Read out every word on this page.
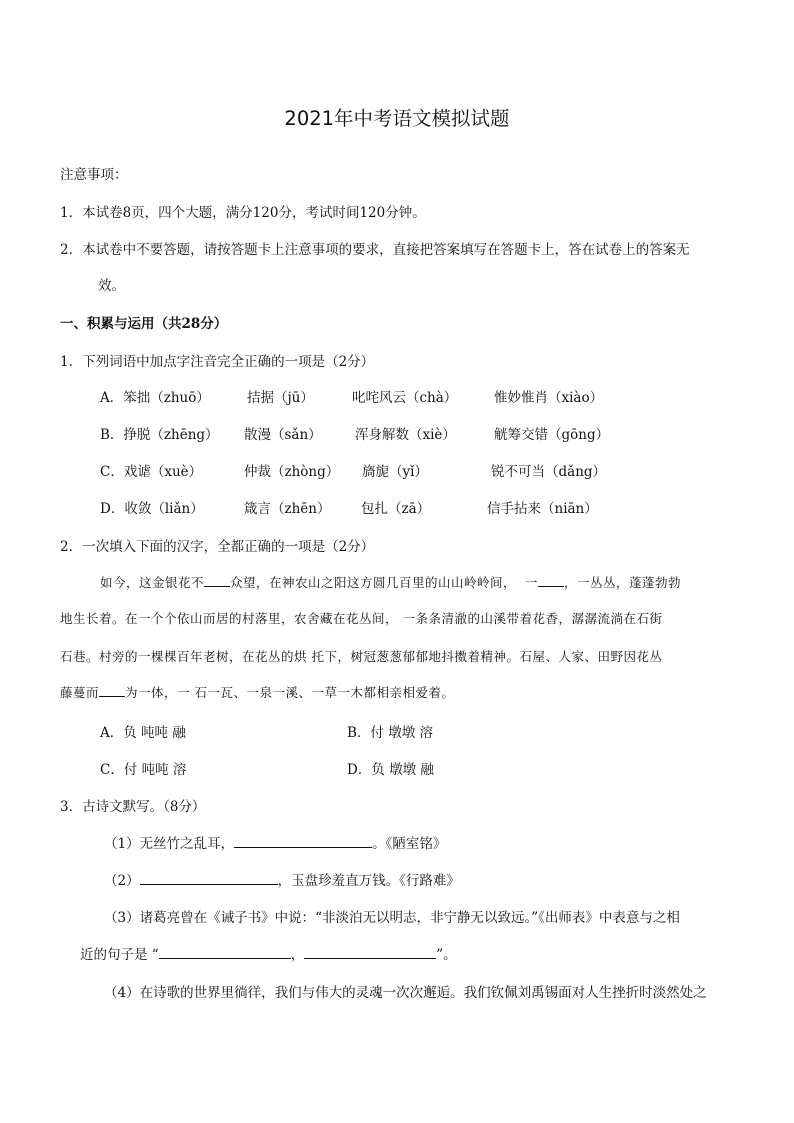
2021年中考语文模拟试题
注意事项：
1．本试卷8页，四个大题，满分120分，考试时间120分钟。
2．本试卷中不要答题，请按答题卡上注意事项的要求，直接把答案填写在答题卡上，答在试卷上的答案无
效。
一、积累与运用（共28分）
1．下列词语中加点字注音完全正确的一项是（2分）
A．笨拙（zhuō）	拮据（jū）	叱咤风云（chà）	惟妙惟肖（xiào）
B．挣脱（zhēng） 散漫（sǎn） 浑身解数（xiè）	觥筹交错（gōng）
C．戏谑（xuè）	仲裁（zhòng） 旖旎（yǐ）	锐不可当（dǎng）
D．收敛（liǎn）	箴言（zhēn） 包扎（zā）	信手拈来（niān）
2．一次填入下面的汉字，全都正确的一项是（2分）
如今，这金银花不 众望，在神农山之阳这方圆几百里的山山岭岭间， 一 ，一丛丛，蓬蓬勃勃
地生长着。在一个个依山而居的村落里，农舍藏在花丛间， 一条条清澈的山溪带着花香，潺潺流淌在石街
石巷。村旁的一棵棵百年老树，在花丛的烘 托下，树冠葱葱郁郁地抖擞着精神。石屋、人家、田野因花丛
藤蔓而 为一体，一 石一瓦、一泉一溪、一草一木都相亲相爱着。
A．负 吨吨 融	B．付 墩墩 溶
C．付 吨吨 溶	D．负 墩墩 融
3．古诗文默写。（8分）
（1）无丝竹之乱耳，	。《陋室铭》
（2）	，玉盘珍羞直万钱。《行路难》
（3）诸葛亮曾在《诫子书》中说：“非淡泊无以明志，非宁静无以致远。”《出师表》中表意与之相
近的句子是 “	，	”。
（4）在诗歌的世界里徜徉，我们与伟大的灵魂一次次邂逅。我们钦佩刘禹锡面对人生挫折时淡然处之
